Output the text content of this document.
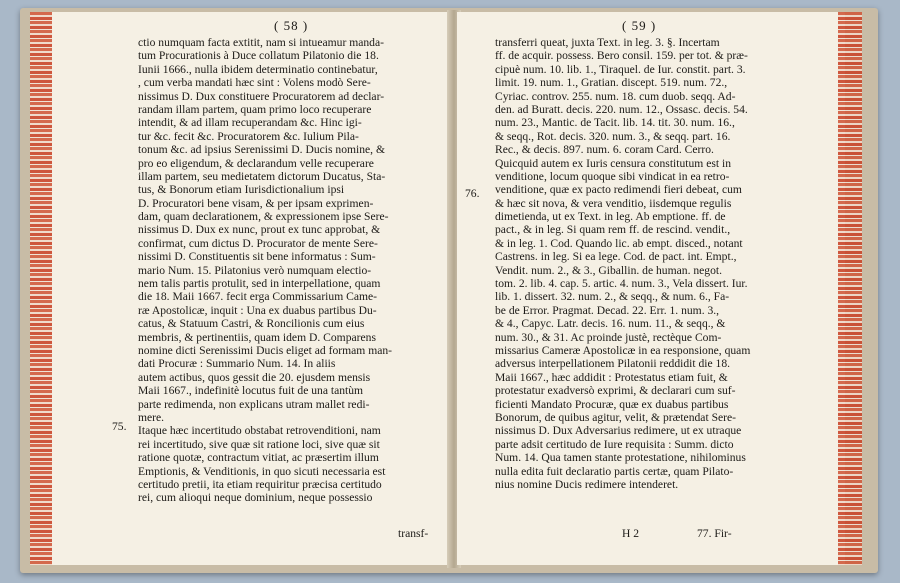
( 58 )
75.
ctio numquam facta extitit, nam si intueamur manda-
tum Procurationis à Duce collatum Pilatonio die 18.
Iunii 1666., nulla ibidem determinatio continebatur,
, cum verba mandati hæc sint : Volens modò Sere-
nissimus D. Dux constituere Procuratorem ad declar-
randam illam partem, quam primo loco recuperare
intendit, & ad illam recuperandam &c. Hinc igi-
tur &c. fecit &c. Procuratorem &c. Iulium Pila-
tonum &c. ad ipsius Serenissimi D. Ducis nomine, &
pro eo eligendum, & declarandum velle recuperare
illam partem, seu medietatem dictorum Ducatus, Sta-
tus, & Bonorum etiam Iurisdictionalium ipsi
D. Procuratori bene visam, & per ipsam exprimen-
dam, quam declarationem, & expressionem ipse Sere-
nissimus D. Dux ex nunc, prout ex tunc approbat, &
confirmat, cum dictus D. Procurator de mente Sere-
nissimi D. Constituentis sit bene informatus : Sum-
mario Num. 15. Pilatonius verò numquam electio-
nem talis partis protulit, sed in interpellatione, quam
die 18. Maii 1667. fecit erga Commissarium Came-
ræ Apostolicæ, inquit : Una ex duabus partibus Du-
catus, & Statuum Castri, & Roncilionis cum eius
membris, & pertinentiis, quam idem D. Comparens
nomine dicti Serenissimi Ducis eliget ad formam man-
dati Procuræ : Summario Num. 14. In aliis
autem actibus, quos gessit die 20. ejusdem mensis
Maii 1667., indefinitè locutus fuit de una tantùm
parte redimenda, non explicans utram mallet redi-
mere.
Itaque hæc incertitudo obstabat retrovenditioni, nam
rei incertitudo, sive quæ sit ratione loci, sive quæ sit
ratione quotæ, contractum vitiat, ac præsertim illum
Emptionis, & Venditionis, in quo sicuti necessaria est
certitudo pretii, ita etiam requiritur præcisa certitudo
rei, cum alioqui neque dominium, neque possessio
transf-
( 59 )
76.
transferri queat, juxta Text. in leg. 3. §. Incertam
ff. de acquir. possess. Bero consil. 159. per tot. & præ-
cipuè num. 10. lib. 1., Tiraquel. de Iur. constit. part. 3.
limit. 19. num. 1., Gratian. discept. 519. num. 72.,
Cyriac. controv. 255. num. 18. cum duob. seqq. Ad-
den. ad Buratt. decis. 220. num. 12., Ossasc. decis. 54.
num. 23., Mantic. de Tacit. lib. 14. tit. 30. num. 16.,
& seqq., Rot. decis. 320. num. 3., & seqq. part. 16.
Rec., & decis. 897. num. 6. coram Card. Cerro.
Quicquid autem ex Iuris censura constitutum est in
venditione, locum quoque sibi vindicat in ea retro-
venditione, quæ ex pacto redimendi fieri debeat, cum
& hæc sit nova, & vera venditio, iisdemque regulis
dimetienda, ut ex Text. in leg. Ab emptione. ff. de
pact., & in leg. Si quam rem ff. de rescind. vendit.,
& in leg. 1. Cod. Quando lic. ab empt. disced., notant
Castrens. in leg. Si ea lege. Cod. de pact. int. Empt.,
Vendit. num. 2., & 3., Giballin. de human. negot.
tom. 2. lib. 4. cap. 5. artic. 4. num. 3., Vela dissert. Iur.
lib. 1. dissert. 32. num. 2., & seqq., & num. 6., Fa-
be de Error. Pragmat. Decad. 22. Err. 1. num. 3.,
& 4., Capyc. Latr. decis. 16. num. 11., & seqq., &
num. 30., & 31. Ac proinde justè, rectèque Com-
missarius Cameræ Apostolicæ in ea responsione, quam
adversus interpellationem Pilatonii reddidit die 18.
Maii 1667., hæc addidit : Protestatus etiam fuit, &
protestatur exadversò exprimi, & declarari cum suf-
ficienti Mandato Procuræ, quæ ex duabus partibus
Bonorum, de quibus agitur, velit, & prætendat Sere-
nissimus D. Dux Adversarius redimere, ut ex utraque
parte adsit certitudo de Iure requisita : Summ. dicto
Num. 14. Qua tamen stante protestatione, nihilominus
nulla edita fuit declaratio partis certæ, quam Pilato-
nius nomine Ducis redimere intenderet.
H 2	77. Fir-
